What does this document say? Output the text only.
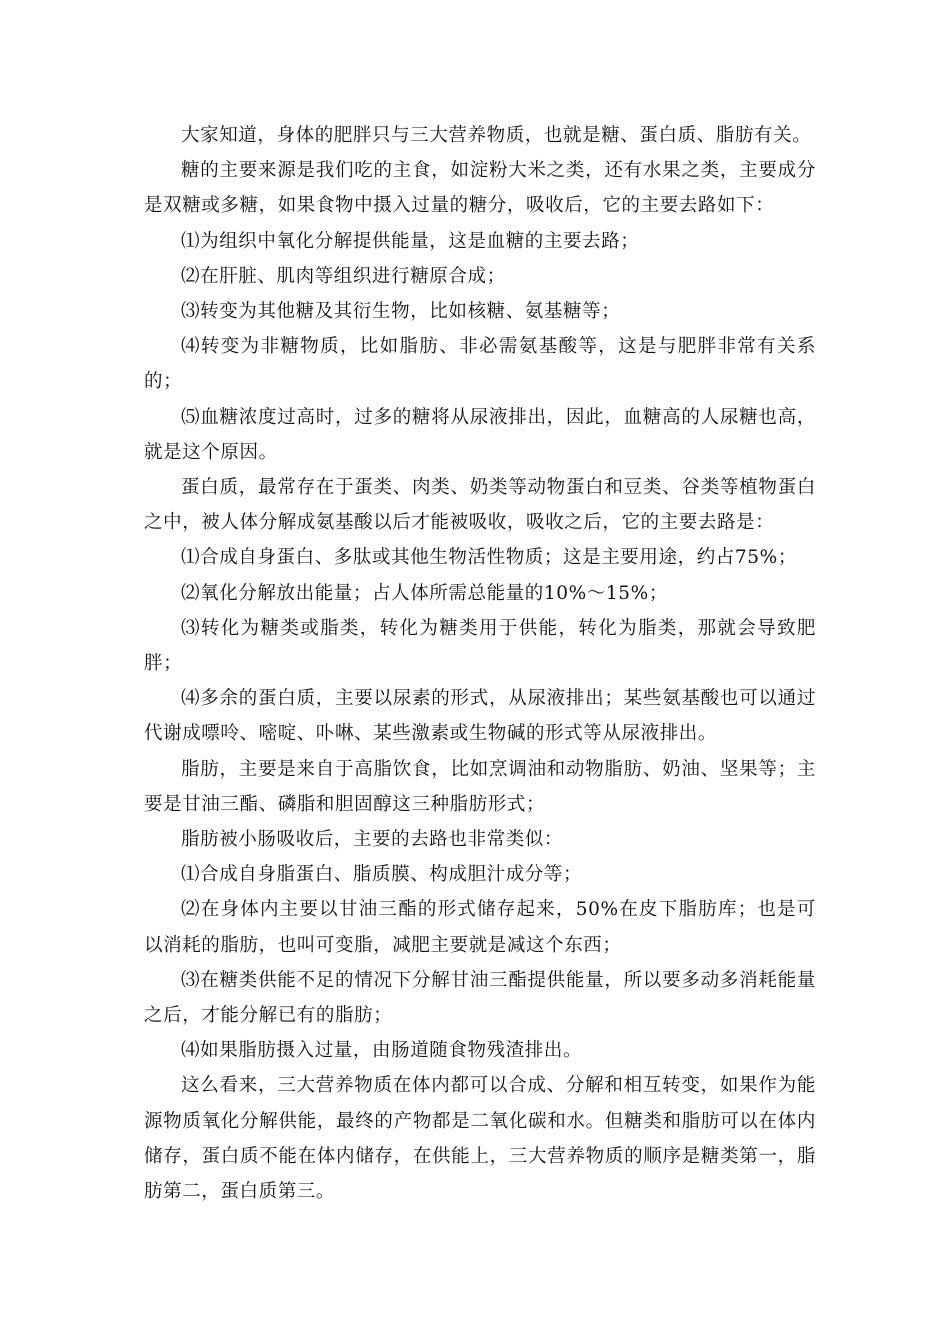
大家知道，身体的肥胖只与三大营养物质，也就是糖、蛋白质、脂肪有关。

糖的主要来源是我们吃的主食，如淀粉大米之类，还有水果之类，主要成分是双糖或多糖，如果食物中摄入过量的糖分，吸收后，它的主要去路如下：

⑴为组织中氧化分解提供能量，这是血糖的主要去路；

⑵在肝脏、肌肉等组织进行糖原合成；

⑶转变为其他糖及其衍生物，比如核糖、氨基糖等；

⑷转变为非糖物质，比如脂肪、非必需氨基酸等，这是与肥胖非常有关系的；

⑸血糖浓度过高时，过多的糖将从尿液排出，因此，血糖高的人尿糖也高，就是这个原因。

蛋白质，最常存在于蛋类、肉类、奶类等动物蛋白和豆类、谷类等植物蛋白之中，被人体分解成氨基酸以后才能被吸收，吸收之后，它的主要去路是：

⑴合成自身蛋白、多肽或其他生物活性物质；这是主要用途，约占75%；

⑵氧化分解放出能量；占人体所需总能量的10%～15%；

⑶转化为糖类或脂类，转化为糖类用于供能，转化为脂类，那就会导致肥胖；

⑷多余的蛋白质，主要以尿素的形式，从尿液排出；某些氨基酸也可以通过代谢成嘌呤、嘧啶、卟啉、某些激素或生物碱的形式等从尿液排出。

脂肪，主要是来自于高脂饮食，比如烹调油和动物脂肪、奶油、坚果等；主要是甘油三酯、磷脂和胆固醇这三种脂肪形式；

脂肪被小肠吸收后，主要的去路也非常类似：

⑴合成自身脂蛋白、脂质膜、构成胆汁成分等；

⑵在身体内主要以甘油三酯的形式储存起来，50%在皮下脂肪库；也是可以消耗的脂肪，也叫可变脂，减肥主要就是减这个东西；

⑶在糖类供能不足的情况下分解甘油三酯提供能量，所以要多动多消耗能量之后，才能分解已有的脂肪；

⑷如果脂肪摄入过量，由肠道随食物残渣排出。

这么看来，三大营养物质在体内都可以合成、分解和相互转变，如果作为能源物质氧化分解供能，最终的产物都是二氧化碳和水。但糖类和脂肪可以在体内储存，蛋白质不能在体内储存，在供能上，三大营养物质的顺序是糖类第一，脂肪第二，蛋白质第三。
